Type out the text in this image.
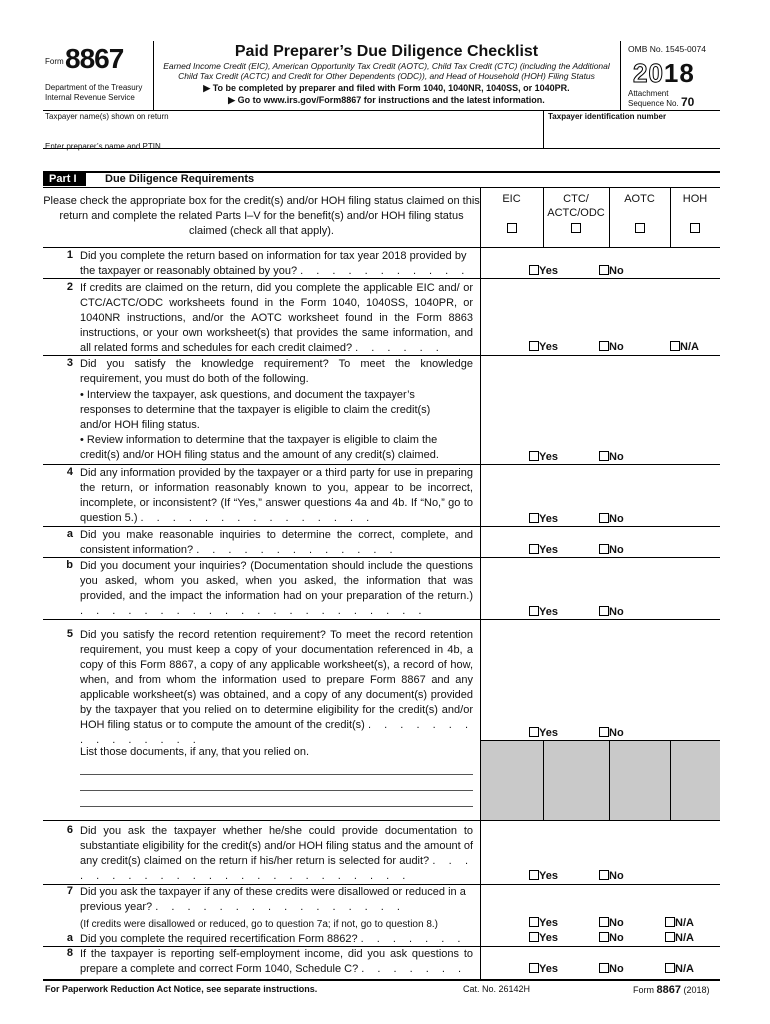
Form 8867
Department of the Treasury
Internal Revenue Service
Paid Preparer’s Due Diligence Checklist
Earned Income Credit (EIC), American Opportunity Tax Credit (AOTC), Child Tax Credit (CTC) (including the Additional Child Tax Credit (ACTC) and Credit for Other Dependents (ODC)), and Head of Household (HOH) Filing Status
▶ To be completed by preparer and filed with Form 1040, 1040NR, 1040SS, or 1040PR.
▶ Go to www.irs.gov/Form8867 for instructions and the latest information.
OMB No. 1545-0074
2018
Attachment
Sequence No. 70
Taxpayer name(s) shown on return	Taxpayer identification number
Enter preparer’s name and PTIN
Part I	Due Diligence Requirements
Please check the appropriate box for the credit(s) and/or HOH filing status claimed on this return and complete the related Parts I–V for the benefit(s) and/or HOH filing status claimed (check all that apply).
EIC	CTC/
ACTC/ODC
AOTC	HOH
1 Did you complete the return based on information for tax year 2018 provided by the taxpayer or reasonably obtained by you? . . . . . . . . . . .	Yes	No
2 If credits are claimed on the return, did you complete the applicable EIC and/ or CTC/ACTC/ODC worksheets found in the Form 1040, 1040SS, 1040PR, or 1040NR instructions, and/or the AOTC worksheet found in the Form 8863 instructions, or your own worksheet(s) that provides the same information, and all related forms and schedules for each credit claimed? . . . . . .	Yes	No	N/A
3 Did you satisfy the knowledge requirement? To meet the knowledge requirement, you must do both of the following.
• Interview the taxpayer, ask questions, and document the taxpayer’s responses to determine that the taxpayer is eligible to claim the credit(s) and/or HOH filing status.
• Review information to determine that the taxpayer is eligible to claim the credit(s) and/or HOH filing status and the amount of any credit(s) claimed.	Yes	No
4 Did any information provided by the taxpayer or a third party for use in preparing the return, or information reasonably known to you, appear to be incorrect, incomplete, or inconsistent? (If “Yes,” answer questions 4a and 4b. If “No,” go to question 5.) . . . . . . . . . . . . . . .	Yes	No
a Did you make reasonable inquiries to determine the correct, complete, and consistent information? . . . . . . . . . . . . .	Yes	No
b Did you document your inquiries? (Documentation should include the questions you asked, whom you asked, when you asked, the information that was provided, and the impact the information had on your preparation of the return.) . . . . . . . . . . . . . . . . . . . . . .	Yes	No
5 Did you satisfy the record retention requirement? To meet the record retention requirement, you must keep a copy of your documentation referenced in 4b, a copy of this Form 8867, a copy of any applicable worksheet(s), a record of how, when, and from whom the information used to prepare Form 8867 and any applicable worksheet(s) was obtained, and a copy of any document(s) provided by the taxpayer that you relied on to determine eligibility for the credit(s) and/or HOH filing status or to compute the amount of the credit(s) . . . . . . . . . . . . . . .
Yes	No
List those documents, if any, that you relied on.
6 Did you ask the taxpayer whether he/she could provide documentation to substantiate eligibility for the credit(s) and/or HOH filing status and the amount of any credit(s) claimed on the return if his/her return is selected for audit? . . . . . . . . . . . . . . . . . . . . . . . .	Yes	No
7 Did you ask the taxpayer if any of these credits were disallowed or reduced in a previous year? . . . . . . . . . . . . . . . .
(If credits were disallowed or reduced, go to question 7a; if not, go to question 8.)	Yes	No	N/A
a Did you complete the required recertification Form 8862? . . . . . . .	Yes	No	N/A
8 If the taxpayer is reporting self-employment income, did you ask questions to prepare a complete and correct Form 1040, Schedule C? . . . . . . .	Yes	No	N/A
For Paperwork Reduction Act Notice, see separate instructions.	Cat. No. 26142H	Form 8867 (2018)
